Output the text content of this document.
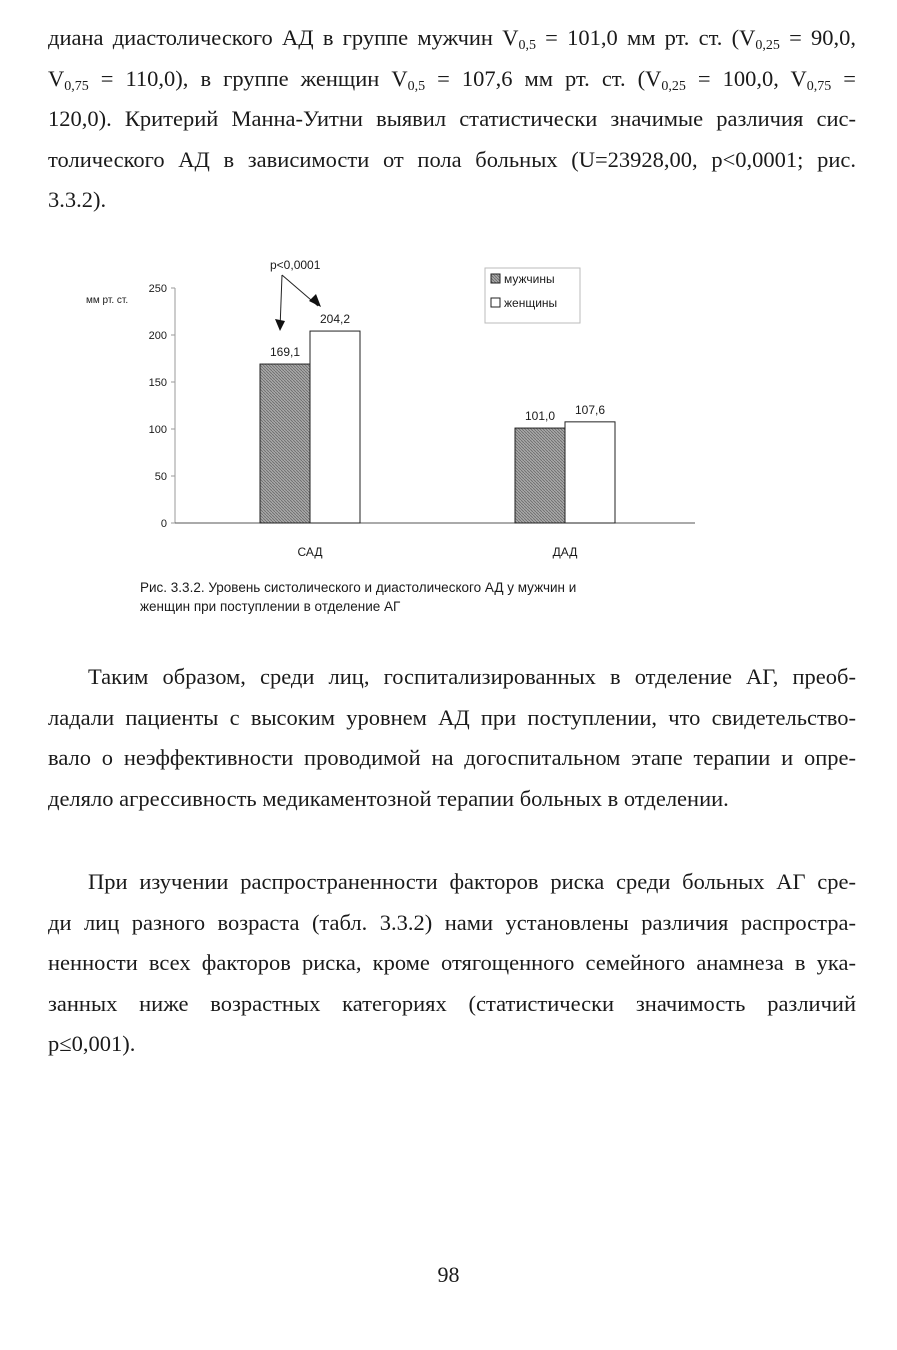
диана диастолического АД в группе мужчин $V_{0,5} = 101,0$ мм рт. ст. ($V_{0,25} = 90,0$,
$V_{0,75} = 110,0$), в группе женщин $V_{0,5} = 107,6$ мм рт. ст. ($V_{0,25} = 100,0$, $V_{0,75}$ =
120,0). Критерий Манна-Уитни выявил статистически значимые различия сис-
толического АД в зависимости от пола больных (U=23928,00, p<0,0001; рис.
3.3.2).

0
50
100
150
200
250
мм рт. ст.
169,1
204,2
САД
101,0 107,6
ДАД
p<0,0001
мужчины
женщины
Рис. 3.3.2. Уровень систолического и диастолического АД у мужчин и
женщин при поступлении в отделение АГ

Таким образом, среди лиц, госпитализированных в отделение АГ, преоб-
ладали пациенты с высоким уровнем АД при поступлении, что свидетельство-
вало о неэффективности проводимой на догоспитальном этапе терапии и опре-
деляло агрессивность медикаментозной терапии больных в отделении.

При изучении распространенности факторов риска среди больных АГ сре-
ди лиц разного возраста (табл. 3.3.2) нами установлены различия распростра-
ненности всех факторов риска, кроме отягощенного семейного анамнеза в ука-
занных ниже возрастных категориях (статистически значимость различий
p≤0,001).

98
